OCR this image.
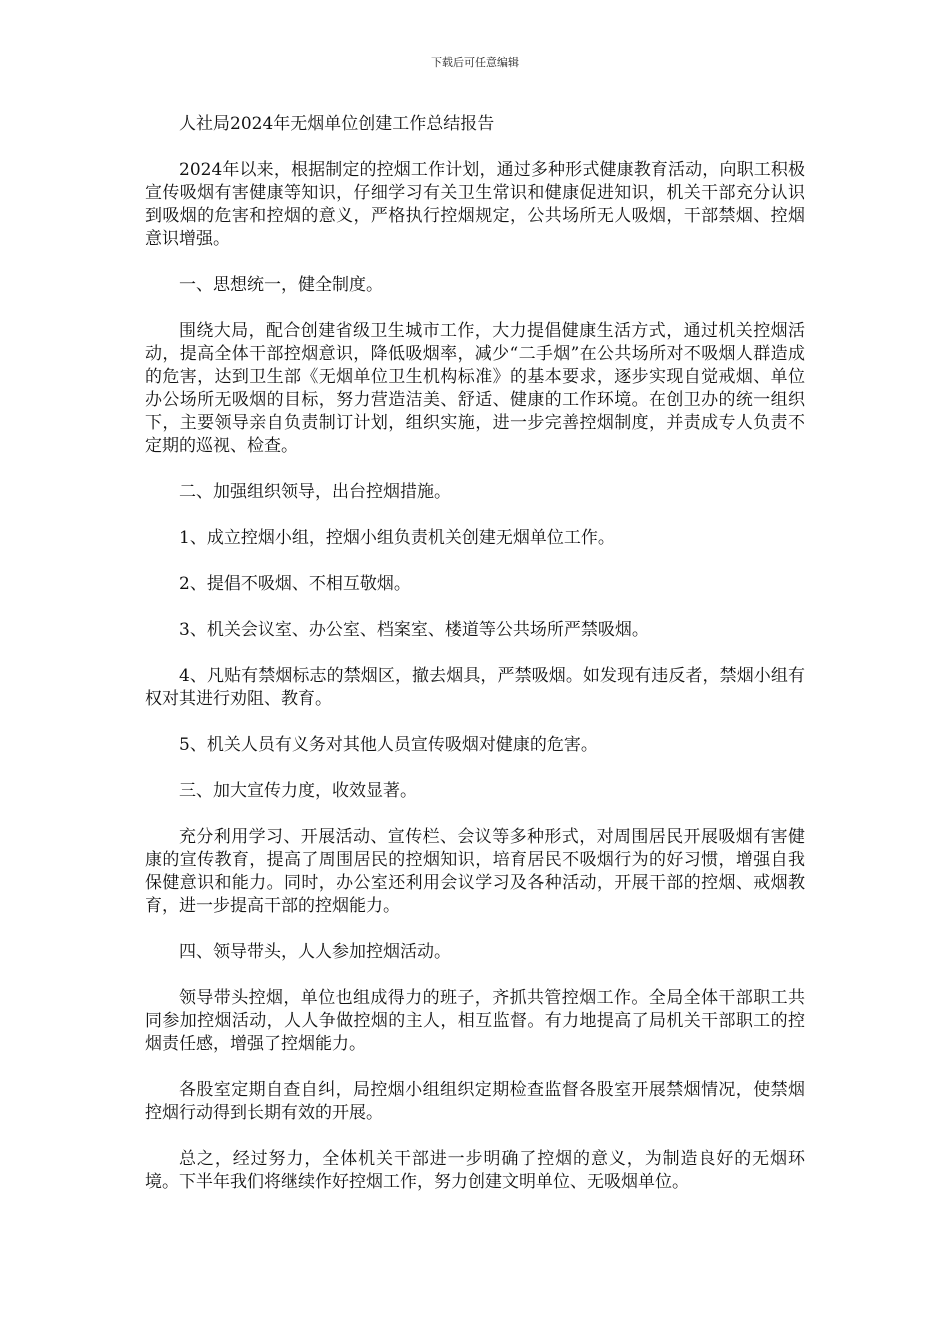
下载后可任意编辑

人社局2024年无烟单位创建工作总结报告

2024年以来，根据制定的控烟工作计划，通过多种形式健康教育活动，向职工积极宣传吸烟有害健康等知识，仔细学习有关卫生常识和健康促进知识，机关干部充分认识到吸烟的危害和控烟的意义，严格执行控烟规定，公共场所无人吸烟，干部禁烟、控烟意识增强。

一、思想统一，健全制度。

围绕大局，配合创建省级卫生城市工作，大力提倡健康生活方式，通过机关控烟活动，提高全体干部控烟意识，降低吸烟率，减少“二手烟”在公共场所对不吸烟人群造成的危害，达到卫生部《无烟单位卫生机构标准》的基本要求，逐步实现自觉戒烟、单位办公场所无吸烟的目标，努力营造洁美、舒适、健康的工作环境。在创卫办的统一组织下，主要领导亲自负责制订计划，组织实施，进一步完善控烟制度，并责成专人负责不定期的巡视、检查。

二、加强组织领导，出台控烟措施。

1、成立控烟小组，控烟小组负责机关创建无烟单位工作。

2、提倡不吸烟、不相互敬烟。

3、机关会议室、办公室、档案室、楼道等公共场所严禁吸烟。

4、凡贴有禁烟标志的禁烟区，撤去烟具，严禁吸烟。如发现有违反者，禁烟小组有权对其进行劝阻、教育。

5、机关人员有义务对其他人员宣传吸烟对健康的危害。

三、加大宣传力度，收效显著。

充分利用学习、开展活动、宣传栏、会议等多种形式，对周围居民开展吸烟有害健康的宣传教育，提高了周围居民的控烟知识，培育居民不吸烟行为的好习惯，增强自我保健意识和能力。同时，办公室还利用会议学习及各种活动，开展干部的控烟、戒烟教育，进一步提高干部的控烟能力。

四、领导带头，人人参加控烟活动。

领导带头控烟，单位也组成得力的班子，齐抓共管控烟工作。全局全体干部职工共同参加控烟活动，人人争做控烟的主人，相互监督。有力地提高了局机关干部职工的控烟责任感，增强了控烟能力。

各股室定期自查自纠，局控烟小组组织定期检查监督各股室开展禁烟情况，使禁烟控烟行动得到长期有效的开展。

总之，经过努力，全体机关干部进一步明确了控烟的意义，为制造良好的无烟环境。下半年我们将继续作好控烟工作，努力创建文明单位、无吸烟单位。
